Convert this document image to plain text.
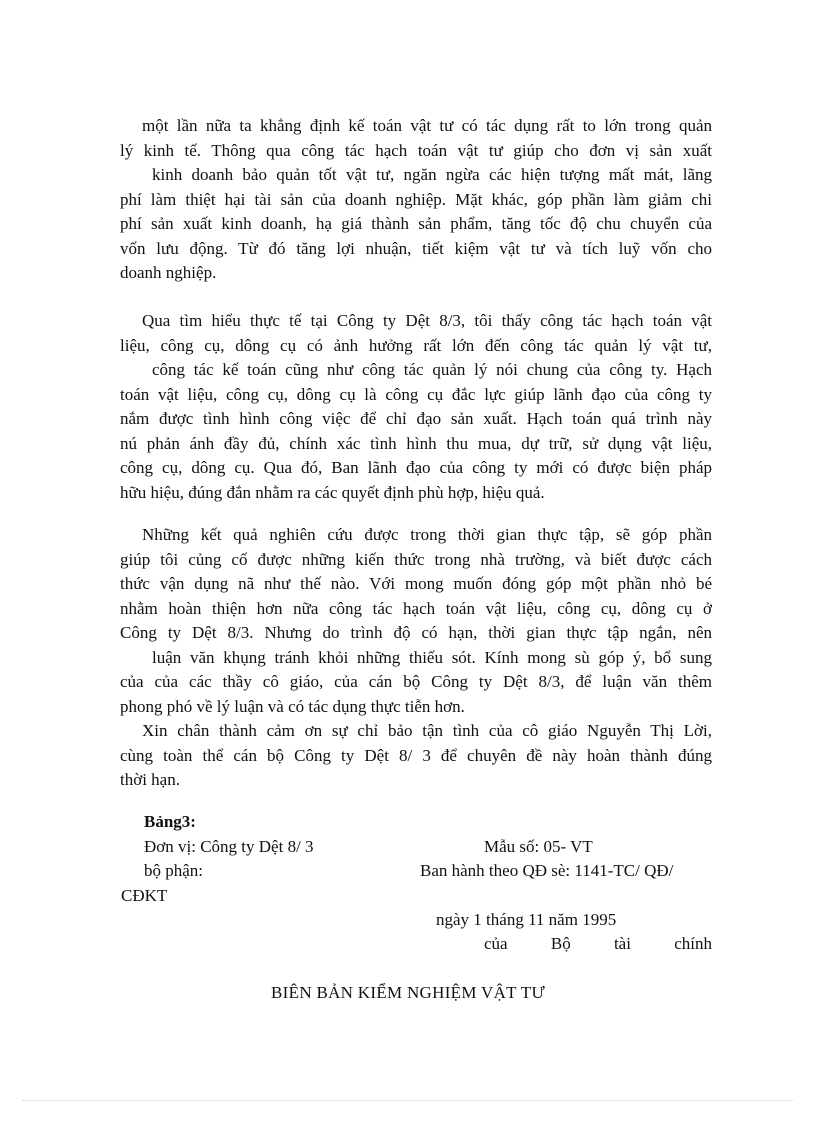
một lần nữa ta khẳng định kế toán vật tư có tác dụng rất to lớn trong quản
lý kinh tế. Thông qua công tác hạch toán vật tư giúp cho đơn vị sản xuất
kinh doanh bảo quản tốt vật tư, ngăn ngừa các hiện tượng mất mát, lãng
phí làm thiệt hại tài sản của doanh nghiệp. Mặt khác, góp phần làm giảm chi
phí sản xuất kinh doanh, hạ giá thành sản phẩm, tăng tốc độ chu chuyển của
vốn lưu động. Từ đó tăng lợi nhuận, tiết kiệm vật tư và tích luỹ vốn cho
doanh nghiệp.
Qua tìm hiểu thực tế tại Công ty Dệt 8/3, tôi thấy công tác hạch toán vật
liệu, công cụ, dông cụ có ảnh hưởng rất lớn đến công tác quản lý vật tư,
công tác kế toán cũng như công tác quản lý nói chung của công ty. Hạch
toán vật liệu, công cụ, dông cụ là công cụ đắc lực giúp lãnh đạo của công ty
nắm được tình hình công việc để chỉ đạo sản xuất. Hạch toán quá trình này
nú phản ánh đầy đủ, chính xác tình hình thu mua, dự trữ, sử dụng vật liệu,
công cụ, dông cụ. Qua đó, Ban lãnh đạo của công ty mới có được biện pháp
hữu hiệu, đúng đắn nhằm ra các quyết định phù hợp, hiệu quả.
Những kết quả nghiên cứu được trong thời gian thực tập, sẽ góp phần
giúp tôi củng cố được những kiến thức trong nhà trường, và biết được cách
thức vận dụng nã như thế nào. Với mong muốn đóng góp một phần nhỏ bé
nhằm hoàn thiện hơn nữa công tác hạch toán vật liệu, công cụ, dông cụ ở
Công ty Dệt 8/3. Nhưng do trình độ có hạn, thời gian thực tập ngắn, nên
luận văn khụng tránh khỏi những thiếu sót. Kính mong sù góp ý, bổ sung
của của các thầy cô giáo, của cán bộ Công ty Dệt 8/3, để luận văn thêm
phong phó về lý luận và có tác dụng thực tiễn hơn.
Xin chân thành cảm ơn sự chỉ bảo tận tình của cô giáo Nguyễn Thị Lời,
cùng toàn thể cán bộ Công ty Dệt 8/ 3 để chuyên đề này hoàn thành đúng
thời hạn.
Bảng3:
Đơn vị: Công ty Dệt 8/ 3	Mẫu số: 05- VT
bộ phận:	Ban hành theo QĐ sè: 1141-TC/ QĐ/
CĐKT
ngày 1 tháng 11 năm 1995
của Bộ tài chính
BIÊN BẢN KIỂM NGHIỆM VẬT TƯ
